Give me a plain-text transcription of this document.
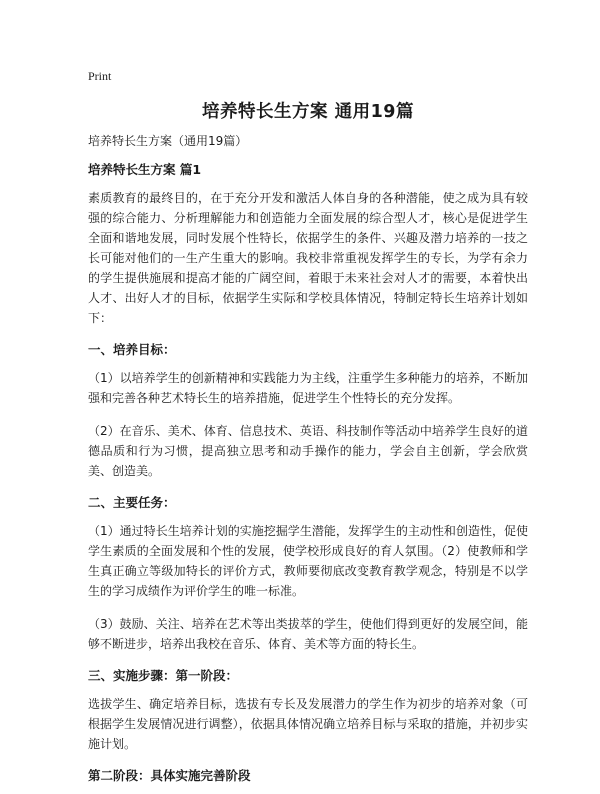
Print
培养特长生方案 通用19篇
培养特长生方案（通用19篇）
培养特长生方案 篇1
素质教育的最终目的，在于充分开发和激活人体自身的各种潜能，使之成为具有较强的综合能力、分析理解能力和创造能力全面发展的综合型人才，核心是促进学生全面和谐地发展，同时发展个性特长，依据学生的条件、兴趣及潜力培养的一技之长可能对他们的一生产生重大的影响。我校非常重视发挥学生的专长，为学有余力的学生提供施展和提高才能的广阔空间，着眼于未来社会对人才的需要，本着快出人才、出好人才的目标，依据学生实际和学校具体情况，特制定特长生培养计划如下：
一、培养目标：
（1）以培养学生的创新精神和实践能力为主线，注重学生多种能力的培养，不断加强和完善各种艺术特长生的培养措施，促进学生个性特长的充分发挥。
（2）在音乐、美术、体育、信息技术、英语、科技制作等活动中培养学生良好的道德品质和行为习惯，提高独立思考和动手操作的能力，学会自主创新，学会欣赏美、创造美。
二、主要任务：
（1）通过特长生培养计划的实施挖掘学生潜能，发挥学生的主动性和创造性，促使学生素质的全面发展和个性的发展，使学校形成良好的育人氛围。（2）使教师和学生真正确立等级加特长的评价方式，教师要彻底改变教育教学观念，特别是不以学生的学习成绩作为评价学生的唯一标准。
（3）鼓励、关注、培养在艺术等出类拔萃的学生，使他们得到更好的发展空间，能够不断进步，培养出我校在音乐、体育、美术等方面的特长生。
三、实施步骤：第一阶段：
选拔学生、确定培养目标，选拔有专长及发展潜力的学生作为初步的培养对象（可根据学生发展情况进行调整），依据具体情况确立培养目标与采取的措施，并初步实施计划。
第二阶段：具体实施完善阶段
